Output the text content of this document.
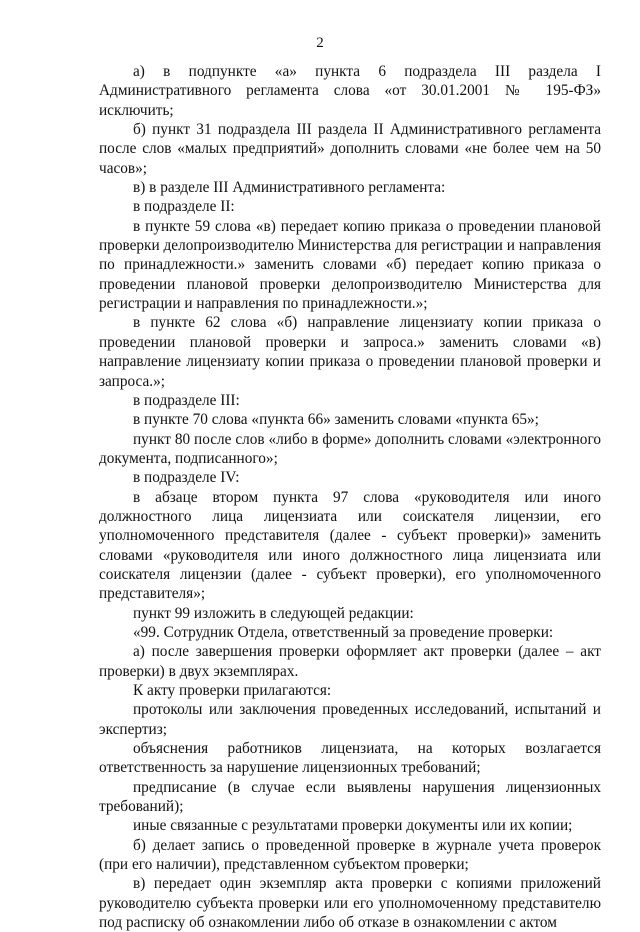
2

а) в подпункте «а» пункта 6 подраздела III раздела I Административного регламента слова «от 30.01.2001 № 195-ФЗ» исключить;

б) пункт 31 подраздела III раздела II Административного регламента после слов «малых предприятий» дополнить словами «не более чем на 50 часов»;

в) в разделе III Административного регламента:

в подразделе II:

в пункте 59 слова «в) передает копию приказа о проведении плановой проверки делопроизводителю Министерства для регистрации и направления по принадлежности.» заменить словами «б) передает копию приказа о проведении плановой проверки делопроизводителю Министерства для регистрации и направления по принадлежности.»;

в пункте 62 слова «б) направление лицензиату копии приказа о проведении плановой проверки и запроса.» заменить словами «в) направление лицензиату копии приказа о проведении плановой проверки и запроса.»;

в подразделе III:

в пункте 70 слова «пункта 66» заменить словами «пункта 65»;

пункт 80 после слов «либо в форме» дополнить словами «электронного документа, подписанного»;

в подразделе IV:

в абзаце втором пункта 97 слова «руководителя или иного должностного лица лицензиата или соискателя лицензии, его уполномоченного представителя (далее - субъект проверки)» заменить словами «руководителя или иного должностного лица лицензиата или соискателя лицензии (далее - субъект проверки), его уполномоченного представителя»;

пункт 99 изложить в следующей редакции:

«99. Сотрудник Отдела, ответственный за проведение проверки:

а) после завершения проверки оформляет акт проверки (далее – акт проверки) в двух экземплярах.

К акту проверки прилагаются:

протоколы или заключения проведенных исследований, испытаний и экспертиз;

объяснения работников лицензиата, на которых возлагается ответственность за нарушение лицензионных требований;

предписание (в случае если выявлены нарушения лицензионных требований);

иные связанные с результатами проверки документы или их копии;

б) делает запись о проведенной проверке в журнале учета проверок (при его наличии), представленном субъектом проверки;

в) передает один экземпляр акта проверки с копиями приложений руководителю субъекта проверки или его уполномоченному представителю под расписку об ознакомлении либо об отказе в ознакомлении с актом
